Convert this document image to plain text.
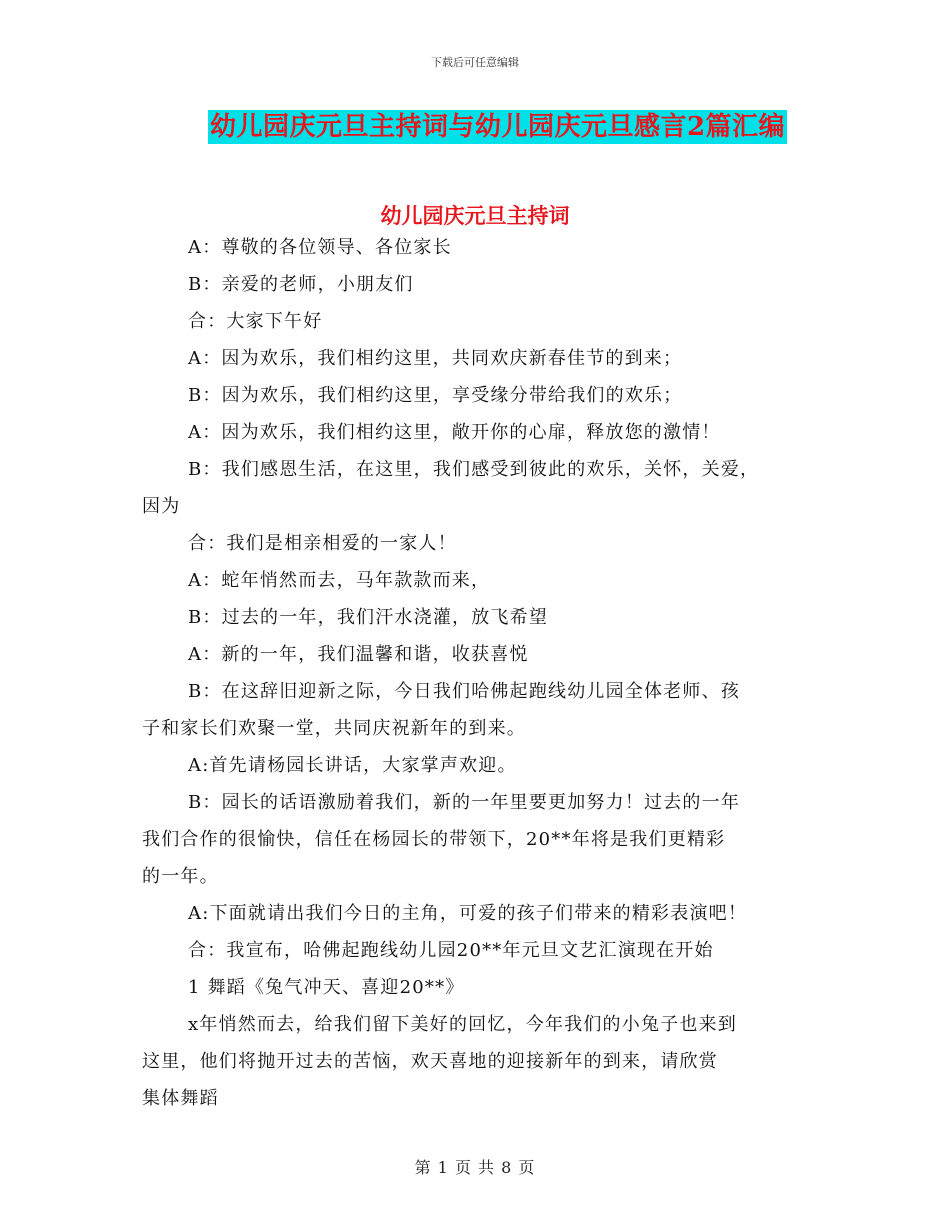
下载后可任意编辑
幼儿园庆元旦主持词与幼儿园庆元旦感言2篇汇编
幼儿园庆元旦主持词

A：尊敬的各位领导、各位家长

B：亲爱的老师，小朋友们

合：大家下午好

A：因为欢乐，我们相约这里，共同欢庆新春佳节的到来；

B：因为欢乐，我们相约这里，享受缘分带给我们的欢乐；

A：因为欢乐，我们相约这里，敞开你的心扉，释放您的激情！

B：我们感恩生活，在这里，我们感受到彼此的欢乐，关怀，关爱，
因为

合：我们是相亲相爱的一家人！

A：蛇年悄然而去，马年款款而来，

B：过去的一年，我们汗水浇灌，放飞希望

A：新的一年，我们温馨和谐，收获喜悦

B：在这辞旧迎新之际，今日我们哈佛起跑线幼儿园全体老师、孩
子和家长们欢聚一堂，共同庆祝新年的到来。

A:首先请杨园长讲话，大家掌声欢迎。

B：园长的话语激励着我们，新的一年里要更加努力！过去的一年
我们合作的很愉快，信任在杨园长的带领下，20**年将是我们更精彩
的一年。

A:下面就请出我们今日的主角，可爱的孩子们带来的精彩表演吧！

合：我宣布，哈佛起跑线幼儿园20**年元旦文艺汇演现在开始

1 舞蹈《兔气冲天、喜迎20**》

x年悄然而去，给我们留下美好的回忆，今年我们的小兔子也来到
这里，他们将抛开过去的苦恼，欢天喜地的迎接新年的到来，请欣赏
集体舞蹈

第 1 页 共 8 页
